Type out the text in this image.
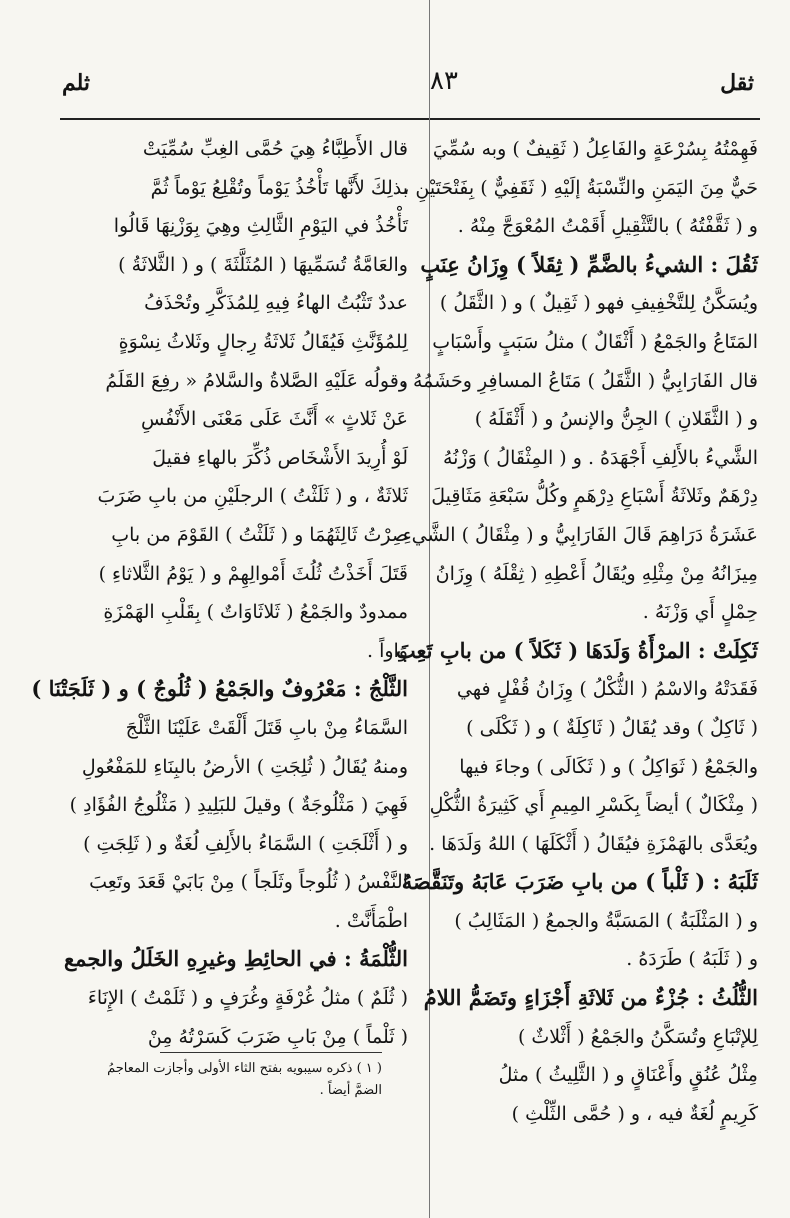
ثقل
٨٣
ثلم
فَهِمْتُهُ بِسُرْعَةٍ والفَاعِلُ ( ثَقِيفٌ ) وبه سُمِّيَ
حَيٌّ مِنَ اليَمَنِ والنِّسْبَةُ إلَيْهِ ( ثَقَفِيٌّ ) بِفَتْحَتَيْنِ ،
و ( ثَقَّفْتُهُ ) بالتَّثْقِيلِ أَقَمْتُ المُعْوَجَّ مِنْهُ .
ثَقُلَ : الشيءُ بالضَّمِّ ( ثِقَلاً ) وِزَانُ عِنَبٍ
ويُسَكَّنُ لِلتَّخْفِيفِ فهو ( ثَقِيلٌ ) و ( الثَّقَلُ )
المَتَاعُ والجَمْعُ ( أَثْقَالٌ ) مثلُ سَبَبٍ وأَسْبَابٍ
قال الفَارَابِيُّ ( الثَّقَلُ ) مَتَاعُ المسافِرِ وحَشَمُهُ ،
و ( الثَّقَلانِ ) الجِنُّ والإنسُ و ( أَثْقَلَهُ )
الشَّيءُ بالأَلِفِ أَجْهَدَهُ . و ( المِثْقَالُ ) وَزْنُهُ
دِرْهَمٌ وثَلاثَةُ أَسْبَاعِ دِرْهَمٍ وكُلُّ سَبْعَةِ مَثَاقِيلَ
عَشَرَةُ دَرَاهِمَ قَالَ الفَارَابِيُّ و ( مِثْقَالُ ) الشَّيءِ
مِيزَانُهُ مِنْ مِثْلِهِ ويُقَالُ أَعْطِهِ ( ثِقْلَهُ ) وِزَانُ
حِمْلٍ أَي وَزْنَهُ .
ثَكِلَتْ : المرْأَةُ وَلَدَهَا ( ثَكَلاً ) من بابِ تَعِبَ
فَقَدَتْهُ والاسْمُ ( الثُّكْلُ ) وِزَانُ قُفْلٍ فهي
( ثَاكِلٌ ) وقد يُقَالُ ( ثَاكِلَةٌ ) و ( ثَكْلَى )
والجَمْعُ ( ثَوَاكِلُ ) و ( ثَكَالَى ) وجاءَ فيها
( مِثْكَالٌ ) أيضاً بِكَسْرِ المِيمِ أَي كَثِيرَةُ الثُّكْلِ
ويُعَدَّى بالهَمْزَةِ فيُقَالُ ( أَثْكَلَهَا ) اللهُ وَلَدَهَا .
ثَلَبَهُ : ( ثَلْباً ) من بابِ ضَرَبَ عَابَهُ وتَنَقَّصَهُ
و ( المَثْلَبَةُ ) المَسَبَّةُ والجمعُ ( المَثَالِبُ )
و ( ثَلَبَهُ ) طَرَدَهُ .
الثُّلُثُ : جُزْءٌ من ثَلاثَةِ أَجْزَاءٍ وتَضَمُّ اللامُ
لِلإتْبَاعِ وتُسَكَّنُ والجَمْعُ ( أَثْلاثٌ )
مِثْلُ عُنُقٍ وأَعْنَاقٍ و ( الثَّلِيثُ ) مثلُ
كَرِيمٍ لُغَةٌ فيه ، و ( حُمَّى الثِّلْثِ )
قال الأَطِبَّاءُ هِيَ حُمَّى الغِبِّ سُمِّيَتْ
بذلِكَ لأَنَّها تَأْخُذُ يَوْماً وتُقْلِعُ يَوْماً ثُمَّ
تَأْخُذُ في اليَوْمِ الثَّالِثِ وهِيَ بِوَزْنِهَا قَالُوا
والعَامَّةُ تُسَمِّيهَا ( المُثَلَّثَةَ ) و ( الثَّلاثَةُ )
عددٌ تَثْبُتُ الهاءُ فِيهِ لِلمُذَكَّرِ وتُحْذَفُ
لِلمُؤَنَّثِ فَيُقَالُ ثَلاثَةُ رِجالٍ وثَلاثُ نِسْوَةٍ
وقولُه عَلَيْهِ الصَّلاةُ والسَّلامُ « رفِعَ القَلَمُ
عَنْ ثَلاثٍ » أَنَّثَ عَلَى مَعْنَى الأَنْفُسِ
لَوْ أُرِيدَ الأَشْخَاص ذُكِّرَ بالهاءِ فقيلَ
ثَلاثَةٌ ، و ( ثَلَثْتُ ) الرجلَيْنِ من بابِ ضَرَبَ
صِرْتُ ثَالِثَهُمَا و ( ثَلَثْتُ ) القَوْمَ من بابِ
قَتَلَ أَخَذْتُ ثُلُثَ أَمْوالِهِمْ و ( يَوْمُ الثَّلاثاءِ )
ممدودٌ والجَمْعُ ( ثَلاثَاوَاتٌ ) بِقَلْبِ الهَمْزَةِ
وَاواً .
الثَّلْجُ : مَعْرُوفٌ والجَمْعُ ( ثُلُوجٌ ) و ( ثَلَجَتْنَا )
السَّمَاءُ مِنْ بابِ قَتَلَ أَلْقَتْ عَلَيْنَا الثَّلْجَ
ومنهُ يُقَالُ ( ثُلِجَتِ ) الأرضُ بالبِنَاءِ للمَفْعُولِ
فَهِيَ ( مَثْلُوجَةٌ ) وقيلَ للبَلِيدِ ( مَثْلُوجُ الفُؤَادِ )
و ( أَثْلَجَتِ ) السَّمَاءُ بالأَلِفِ لُغَةٌ و ( ثَلِجَتِ )
النَّفْسُ ( ثُلُوجاً وثَلَجاً ) مِنْ بَابَيْ قَعَدَ وتَعِبَ
اطْمَأَنَّتْ .
الثُّلْمَةُ : في الحائِطِ وغيرِهِ الخَلَلُ والجمع
( ثُلَمٌ ) مثلُ غُرْفَةٍ وغُرَفٍ و ( ثَلَمْتُ ) الإِنَاءَ
( ثَلْماً ) مِنْ بَابِ ضَرَبَ كَسَرْتُهُ مِنْ
( ١ ) ذكره سيبويه بفتح الثاء الأولى وأجازت المعاجمُ
الضمَّ أيضاً .
